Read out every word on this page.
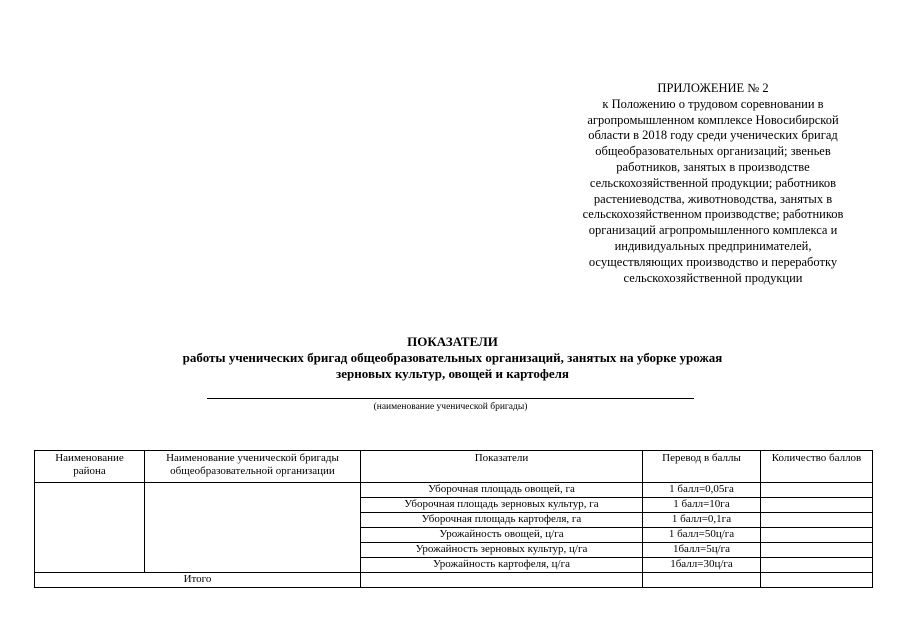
ПРИЛОЖЕНИЕ № 2
к Положению о трудовом соревновании в
агропромышленном комплексе Новосибирской
области в 2018 году среди ученических бригад
общеобразовательных организаций; звеньев
работников, занятых в производстве
сельскохозяйственной продукции; работников
растениеводства, животноводства, занятых в
сельскохозяйственном производстве; работников
организаций агропромышленного комплекса и
индивидуальных предпринимателей,
осуществляющих производство и переработку
сельскохозяйственной продукции
ПОКАЗАТЕЛИ
работы ученических бригад общеобразовательных организаций, занятых на уборке урожая
зерновых культур, овощей и картофеля
(наименование ученической бригады)
Наименование района	Наименование ученической бригады общеобразовательной организации	Показатели	Перевод в баллы	Количество баллов
		Уборочная площадь овощей, га	1 балл=0,05га	
		Уборочная площадь зерновых культур, га	1 балл=10га	
		Уборочная площадь картофеля, га	1 балл=0,1га	
		Урожайность овощей, ц/га	1 балл=50ц/га	
		Урожайность зерновых культур, ц/га	1балл=5ц/га	
		Урожайность картофеля, ц/га	1балл=30ц/га	
Итого				
